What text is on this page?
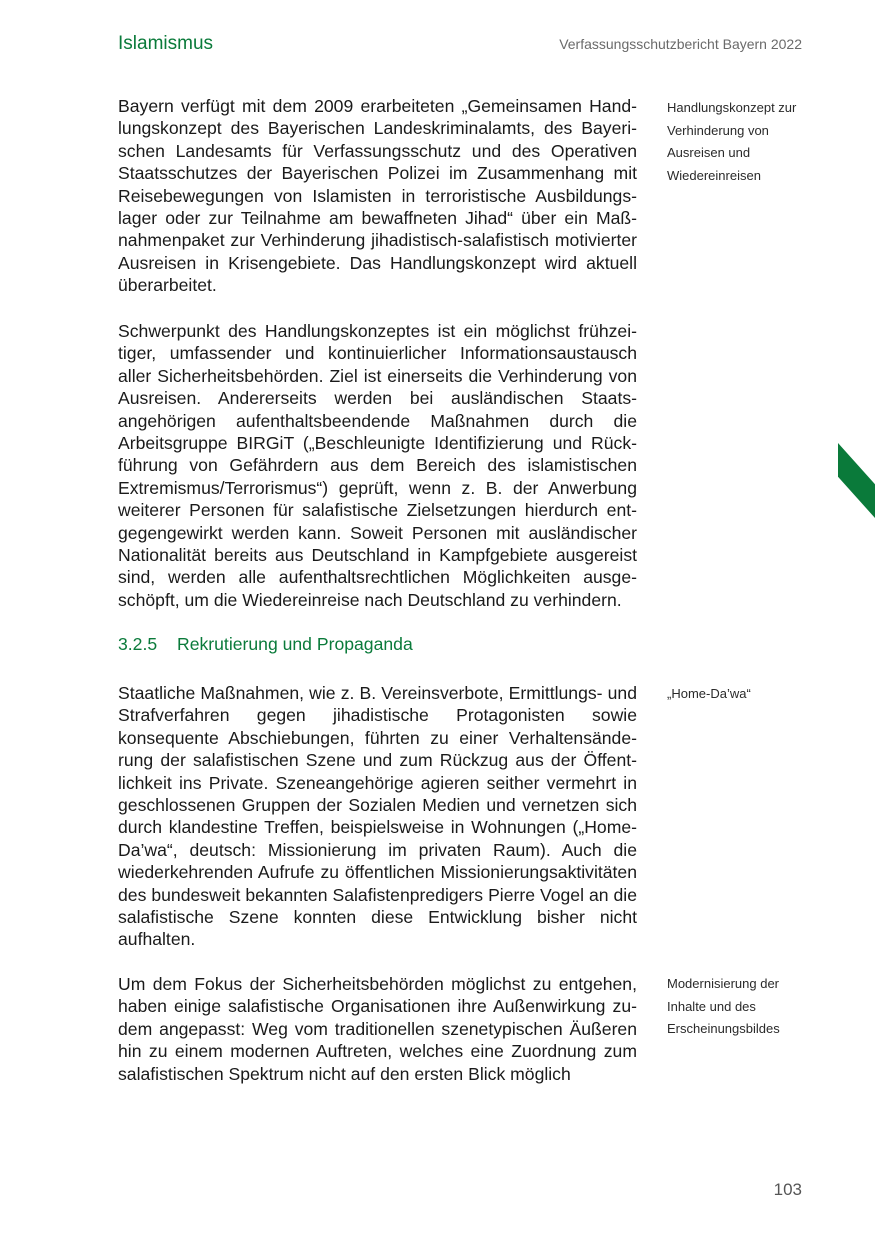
Islamismus	Verfassungsschutzbericht Bayern 2022

Bayern verfügt mit dem 2009 erarbeiteten „Gemeinsamen Handlungskonzept des Bayerischen Landeskriminalamts, des Bayerischen Landesamts für Verfassungsschutz und des Operativen Staatsschutzes der Bayerischen Polizei im Zusammenhang mit Reisebewegungen von Islamisten in terroristische Ausbildungslager oder zur Teilnahme am bewaffneten Jihad“ über ein Maßnahmenpaket zur Verhinderung jihadistisch-salafistisch motivierter Ausreisen in Krisengebiete. Das Handlungskonzept wird aktuell überarbeitet.

Handlungskonzept zur Verhinderung von Ausreisen und Wiedereinreisen

Schwerpunkt des Handlungskonzeptes ist ein möglichst frühzeitiger, umfassender und kontinuierlicher Informationsaustausch aller Sicherheitsbehörden. Ziel ist einerseits die Verhinderung von Ausreisen. Andererseits werden bei ausländischen Staatsangehörigen aufenthaltsbeendende Maßnahmen durch die Arbeitsgruppe BIRGiT („Beschleunigte Identifizierung und Rückführung von Gefährdern aus dem Bereich des islamistischen Extremismus/Terrorismus“) geprüft, wenn z. B. der Anwerbung weiterer Personen für salafistische Zielsetzungen hierdurch entgegengewirkt werden kann. Soweit Personen mit ausländischer Nationalität bereits aus Deutschland in Kampfgebiete ausgereist sind, werden alle aufenthaltsrechtlichen Möglichkeiten ausgeschöpft, um die Wiedereinreise nach Deutschland zu verhindern.

3.2.5 Rekrutierung und Propaganda

Staatliche Maßnahmen, wie z. B. Vereinsverbote, Ermittlungs- und Strafverfahren gegen jihadistische Protagonisten sowie konsequente Abschiebungen, führten zu einer Verhaltensänderung der salafistischen Szene und zum Rückzug aus der Öffentlichkeit ins Private. Szeneangehörige agieren seither vermehrt in geschlossenen Gruppen der Sozialen Medien und vernetzen sich durch klandestine Treffen, beispielsweise in Wohnungen („Home-Da’wa“, deutsch: Missionierung im privaten Raum). Auch die wiederkehrenden Aufrufe zu öffentlichen Missionierungsaktivitäten des bundesweit bekannten Salafistenpredigers Pierre Vogel an die salafistische Szene konnten diese Entwicklung bisher nicht aufhalten.

„Home-Da’wa“

Um dem Fokus der Sicherheitsbehörden möglichst zu entgehen, haben einige salafistische Organisationen ihre Außenwirkung zudem angepasst: Weg vom traditionellen szenetypischen Äußeren hin zu einem modernen Auftreten, welches eine Zuordnung zum salafistischen Spektrum nicht auf den ersten Blick möglich

Modernisierung der Inhalte und des Erscheinungsbildes
103
